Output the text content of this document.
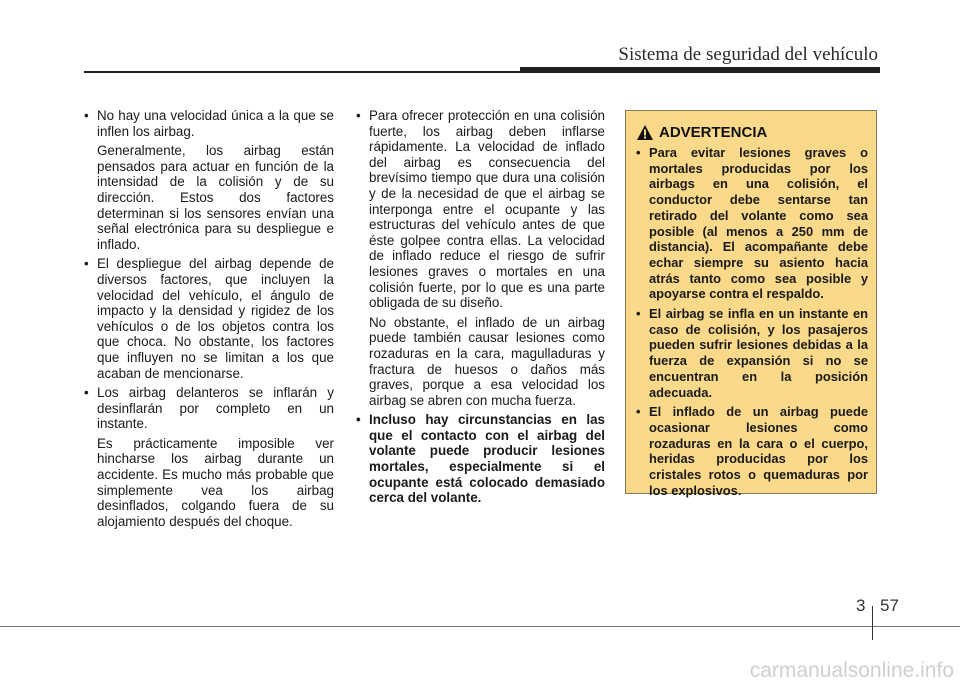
Sistema de seguridad del vehículo

• No hay una velocidad única a la que se inflen los airbag.

Generalmente, los airbag están pensados para actuar en función de la intensidad de la colisión y de su dirección. Estos dos factores determinan si los sensores envían una señal electrónica para su despliegue e inflado.

• El despliegue del airbag depende de diversos factores, que incluyen la velocidad del vehículo, el ángulo de impacto y la densidad y rigidez de los vehículos o de los objetos contra los que choca. No obstante, los factores que influyen no se limitan a los que acaban de mencionarse.

• Los airbag delanteros se inflarán y desinflarán por completo en un instante.

Es prácticamente imposible ver hincharse los airbag durante un accidente. Es mucho más probable que simplemente vea los airbag desinflados, colgando fuera de su alojamiento después del choque.

• Para ofrecer protección en una colisión fuerte, los airbag deben inflarse rápidamente. La velocidad de inflado del airbag es consecuencia del brevísimo tiempo que dura una colisión y de la necesidad de que el airbag se interponga entre el ocupante y las estructuras del vehículo antes de que éste golpee contra ellas. La velocidad de inflado reduce el riesgo de sufrir lesiones graves o mortales en una colisión fuerte, por lo que es una parte obligada de su diseño.

No obstante, el inflado de un airbag puede también causar lesiones como rozaduras en la cara, magulladuras y fractura de huesos o daños más graves, porque a esa velocidad los airbag se abren con mucha fuerza.

• Incluso hay circunstancias en las que el contacto con el airbag del volante puede producir lesiones mortales, especialmente si el ocupante está colocado demasiado cerca del volante.

ADVERTENCIA

• Para evitar lesiones graves o mortales producidas por los airbags en una colisión, el conductor debe sentarse tan retirado del volante como sea posible (al menos a 250 mm de distancia). El acompañante debe echar siempre su asiento hacia atrás tanto como sea posible y apoyarse contra el respaldo.

• El airbag se infla en un instante en caso de colisión, y los pasajeros pueden sufrir lesiones debidas a la fuerza de expansión si no se encuentran en la posición adecuada.

• El inflado de un airbag puede ocasionar lesiones como rozaduras en la cara o el cuerpo, heridas producidas por los cristales rotos o quemaduras por los explosivos.

3 57
carmanualsonline.info
